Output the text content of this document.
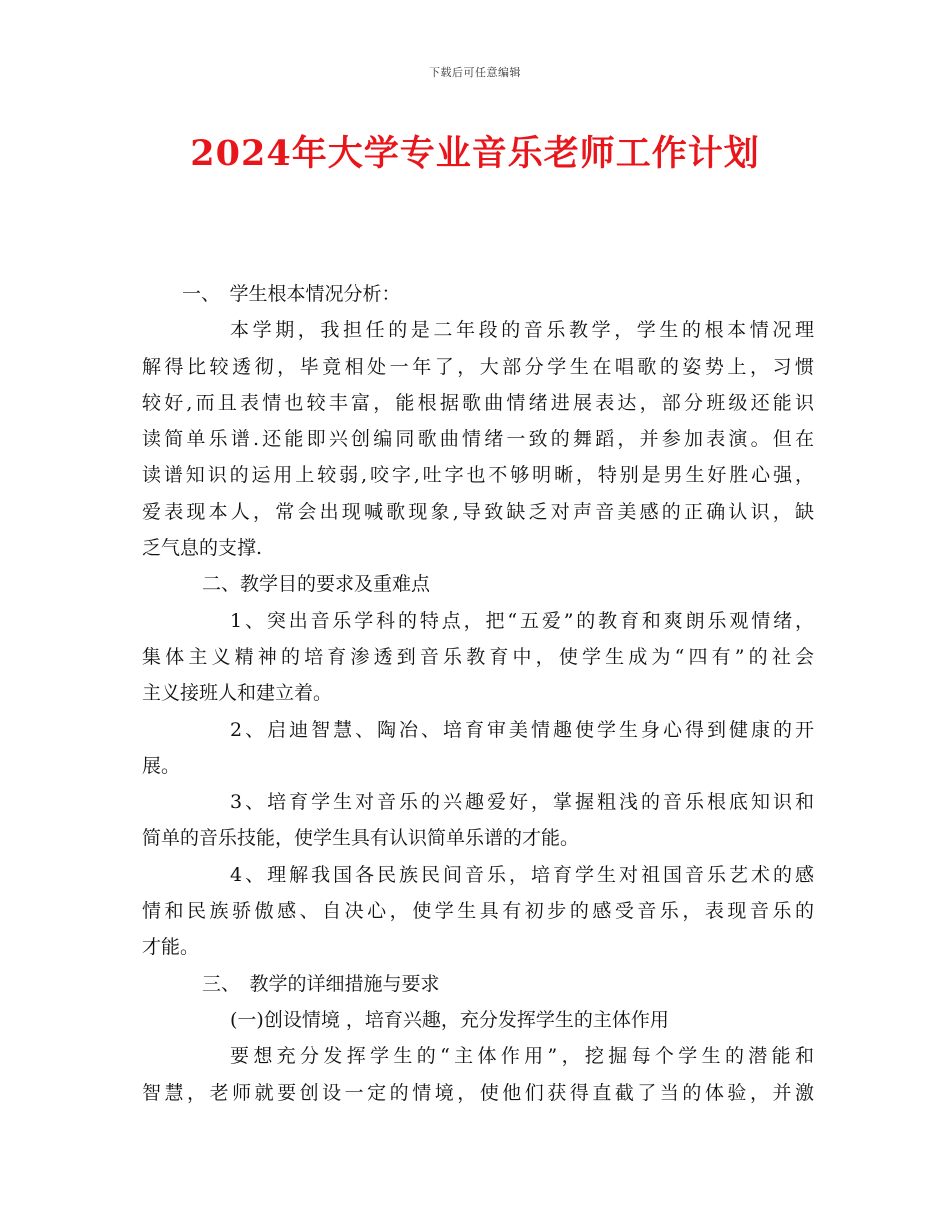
下载后可任意编辑
2024年大学专业音乐老师工作计划
一、　学生根本情况分析：
本学期，我担任的是二年段的音乐教学，学生的根本情况理
解得比较透彻，毕竟相处一年了，大部分学生在唱歌的姿势上，习惯
较好,而且表情也较丰富，能根据歌曲情绪进展表达，部分班级还能识
读简单乐谱.还能即兴创编同歌曲情绪一致的舞蹈，并参加表演。但在
读谱知识的运用上较弱,咬字,吐字也不够明晰，特别是男生好胜心强，
爱表现本人，常会出现喊歌现象,导致缺乏对声音美感的正确认识，缺
乏气息的支撑.
二、教学目的要求及重难点
1、突出音乐学科的特点，把“五爱”的教育和爽朗乐观情绪，
集体主义精神的培育渗透到音乐教育中，使学生成为“四有”的社会
主义接班人和建立着。
2、启迪智慧、陶冶、培育审美情趣使学生身心得到健康的开
展。
3、培育学生对音乐的兴趣爱好，掌握粗浅的音乐根底知识和
简单的音乐技能，使学生具有认识简单乐谱的才能。
4、理解我国各民族民间音乐，培育学生对祖国音乐艺术的感
情和民族骄傲感、自决心，使学生具有初步的感受音乐，表现音乐的
才能。
三、　教学的详细措施与要求
(一)创设情境 ，培育兴趣，充分发挥学生的主体作用
要想充分发挥学生的“主体作用”，挖掘每个学生的潜能和
智慧，老师就要创设一定的情境，使他们获得直截了当的体验，并激
